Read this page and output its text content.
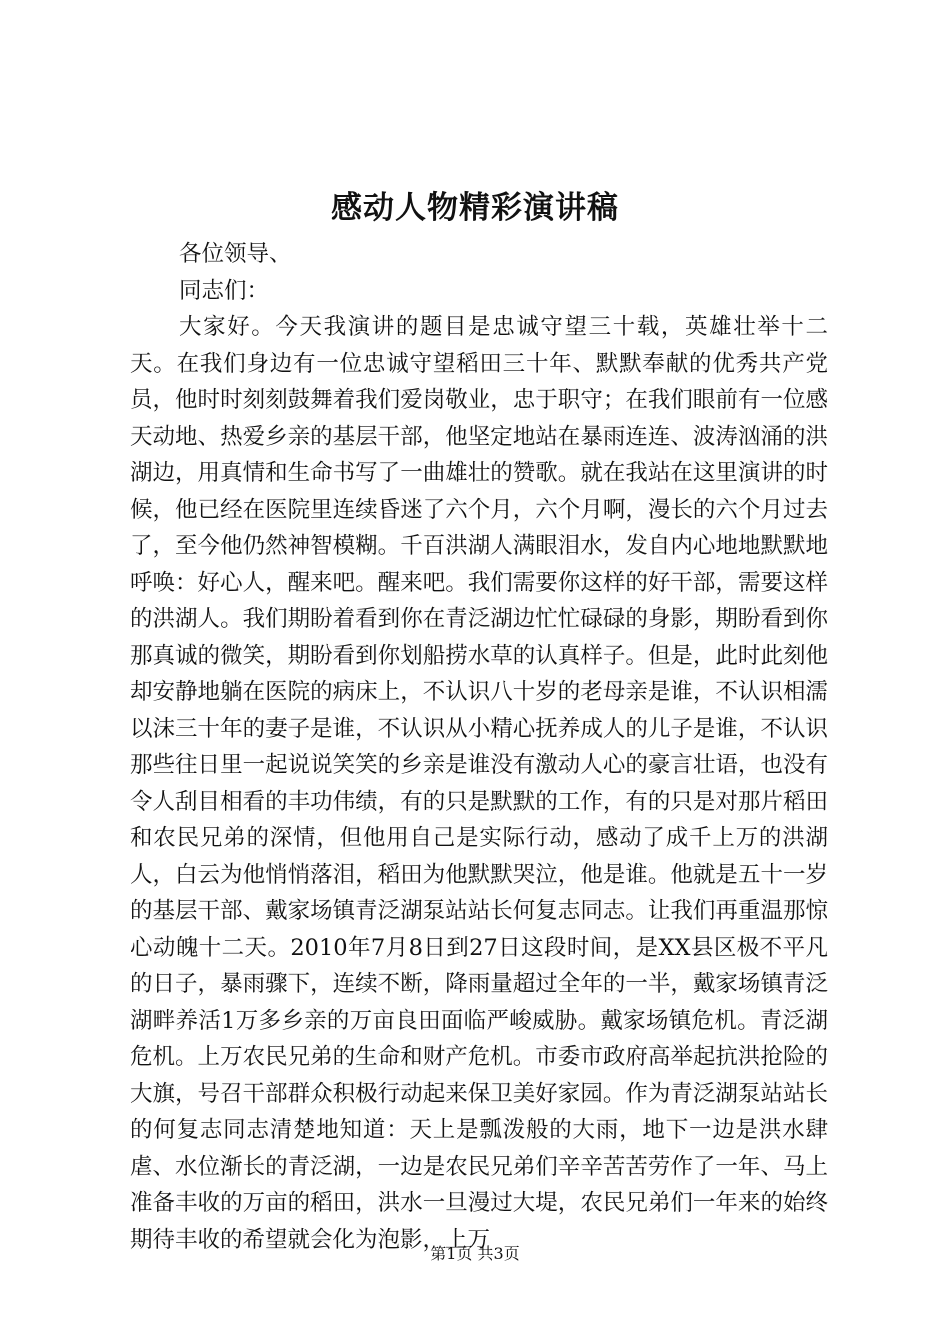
感动人物精彩演讲稿

各位领导、

同志们：

大家好。今天我演讲的题目是忠诚守望三十载，英雄壮举十二天。在我们身边有一位忠诚守望稻田三十年、默默奉献的优秀共产党员，他时时刻刻鼓舞着我们爱岗敬业，忠于职守；在我们眼前有一位感天动地、热爱乡亲的基层干部，他坚定地站在暴雨连连、波涛汹涌的洪湖边，用真情和生命书写了一曲雄壮的赞歌。就在我站在这里演讲的时候，他已经在医院里连续昏迷了六个月，六个月啊，漫长的六个月过去了，至今他仍然神智模糊。千百洪湖人满眼泪水，发自内心地地默默地呼唤：好心人，醒来吧。醒来吧。我们需要你这样的好干部，需要这样的洪湖人。我们期盼着看到你在青泛湖边忙忙碌碌的身影，期盼看到你那真诚的微笑，期盼看到你划船捞水草的认真样子。但是，此时此刻他却安静地躺在医院的病床上，不认识八十岁的老母亲是谁，不认识相濡以沫三十年的妻子是谁，不认识从小精心抚养成人的儿子是谁，不认识那些往日里一起说说笑笑的乡亲是谁没有激动人心的豪言壮语，也没有令人刮目相看的丰功伟绩，有的只是默默的工作，有的只是对那片稻田和农民兄弟的深情，但他用自己是实际行动，感动了成千上万的洪湖人，白云为他悄悄落泪，稻田为他默默哭泣，他是谁。他就是五十一岁的基层干部、戴家场镇青泛湖泵站站长何复志同志。让我们再重温那惊心动魄十二天。2010年7月8日到27日这段时间，是XX县区极不平凡的日子，暴雨骤下，连续不断，降雨量超过全年的一半，戴家场镇青泛湖畔养活1万多乡亲的万亩良田面临严峻威胁。戴家场镇危机。青泛湖危机。上万农民兄弟的生命和财产危机。市委市政府高举起抗洪抢险的大旗，号召干部群众积极行动起来保卫美好家园。作为青泛湖泵站站长的何复志同志清楚地知道：天上是瓢泼般的大雨，地下一边是洪水肆虐、水位渐长的青泛湖，一边是农民兄弟们辛辛苦苦劳作了一年、马上准备丰收的万亩的稻田，洪水一旦漫过大堤，农民兄弟们一年来的始终期待丰收的希望就会化为泡影，上万

第1页 共3页
